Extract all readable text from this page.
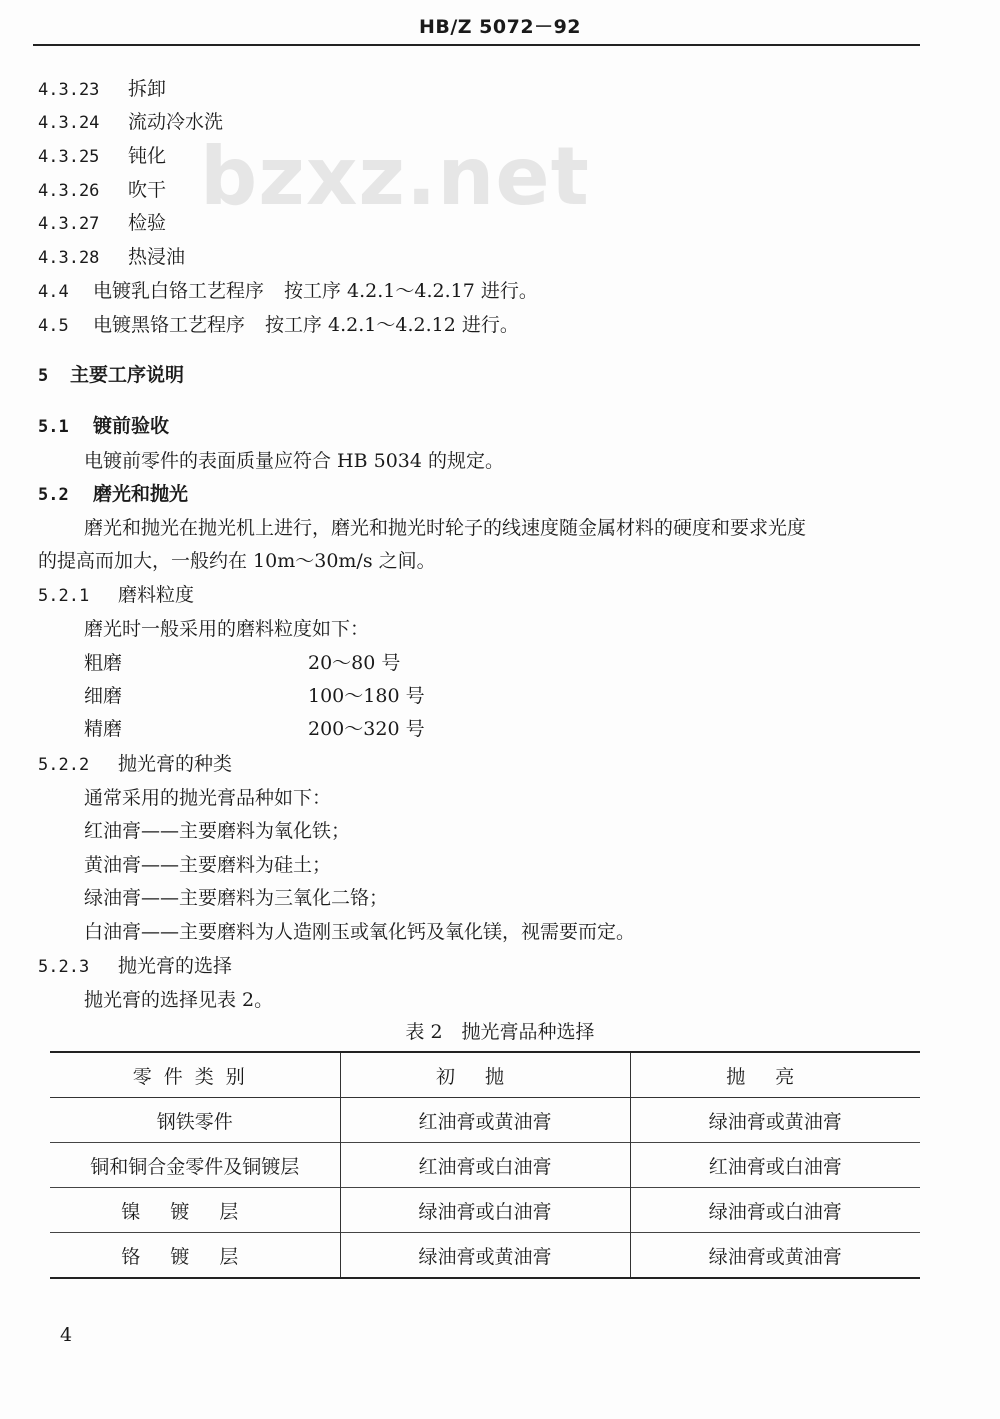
HB/Z 5072－92
bzxz.net
4.3.23 拆卸
4.3.24 流动冷水洗
4.3.25 钝化
4.3.26 吹干
4.3.27 检验
4.3.28 热浸油
4.4 电镀乳白铬工艺程序 按工序 4.2.1～4.2.17 进行。
4.5 电镀黑铬工艺程序 按工序 4.2.1～4.2.12 进行。
5 主要工序说明
5.1 镀前验收
电镀前零件的表面质量应符合 HB 5034 的规定。
5.2 磨光和抛光
磨光和抛光在抛光机上进行，磨光和抛光时轮子的线速度随金属材料的硬度和要求光度
的提高而加大，一般约在 10m～30m/s 之间。
5.2.1 磨料粒度
磨光时一般采用的磨料粒度如下：
粗磨	20～80 号
细磨	100～180 号
精磨	200～320 号
5.2.2 抛光膏的种类
通常采用的抛光膏品种如下：
红油膏——主要磨料为氧化铁；
黄油膏——主要磨料为硅土；
绿油膏——主要磨料为三氧化二铬；
白油膏——主要磨料为人造刚玉或氧化钙及氧化镁，视需要而定。
5.2.3 抛光膏的选择
抛光膏的选择见表 2。
表 2　抛光膏品种选择
零件类别	初抛	抛亮
钢铁零件	红油膏或黄油膏	绿油膏或黄油膏
铜和铜合金零件及铜镀层	红油膏或白油膏	红油膏或白油膏
镍镀层	绿油膏或白油膏	绿油膏或白油膏
铬镀层	绿油膏或黄油膏	绿油膏或黄油膏
4
